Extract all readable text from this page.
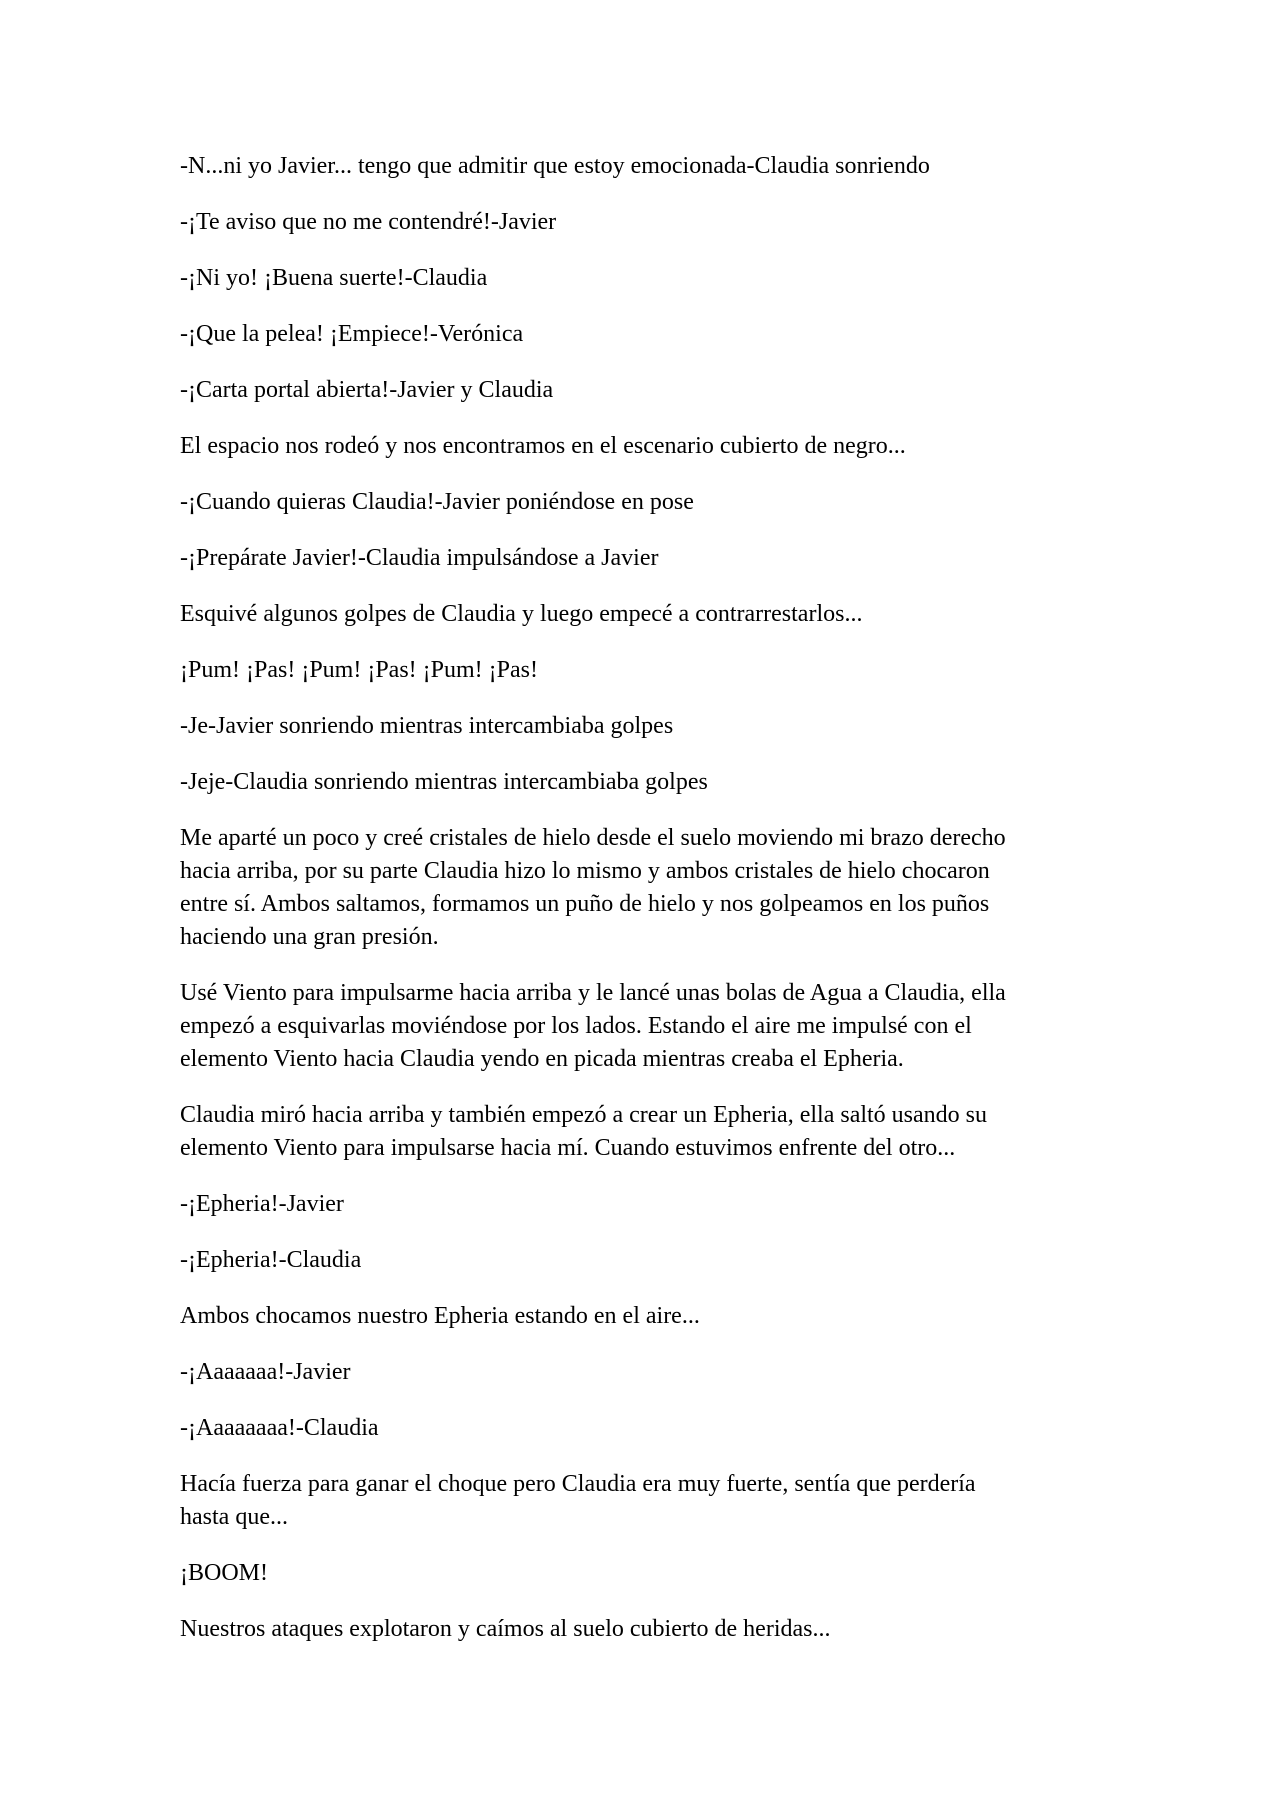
-N...ni yo Javier... tengo que admitir que estoy emocionada-Claudia sonriendo

-¡Te aviso que no me contendré!-Javier

-¡Ni yo! ¡Buena suerte!-Claudia

-¡Que la pelea! ¡Empiece!-Verónica

-¡Carta portal abierta!-Javier y Claudia

El espacio nos rodeó y nos encontramos en el escenario cubierto de negro...

-¡Cuando quieras Claudia!-Javier poniéndose en pose

-¡Prepárate Javier!-Claudia impulsándose a Javier

Esquivé algunos golpes de Claudia y luego empecé a contrarrestarlos...

¡Pum! ¡Pas! ¡Pum! ¡Pas! ¡Pum! ¡Pas!

-Je-Javier sonriendo mientras intercambiaba golpes

-Jeje-Claudia sonriendo mientras intercambiaba golpes

Me aparté un poco y creé cristales de hielo desde el suelo moviendo mi brazo derecho
hacia arriba, por su parte Claudia hizo lo mismo y ambos cristales de hielo chocaron
entre sí. Ambos saltamos, formamos un puño de hielo y nos golpeamos en los puños
haciendo una gran presión.

Usé Viento para impulsarme hacia arriba y le lancé unas bolas de Agua a Claudia, ella
empezó a esquivarlas moviéndose por los lados. Estando el aire me impulsé con el
elemento Viento hacia Claudia yendo en picada mientras creaba el Epheria.

Claudia miró hacia arriba y también empezó a crear un Epheria, ella saltó usando su
elemento Viento para impulsarse hacia mí. Cuando estuvimos enfrente del otro...

-¡Epheria!-Javier

-¡Epheria!-Claudia

Ambos chocamos nuestro Epheria estando en el aire...

-¡Aaaaaaa!-Javier

-¡Aaaaaaaa!-Claudia

Hacía fuerza para ganar el choque pero Claudia era muy fuerte, sentía que perdería
hasta que...

¡BOOM!

Nuestros ataques explotaron y caímos al suelo cubierto de heridas...
